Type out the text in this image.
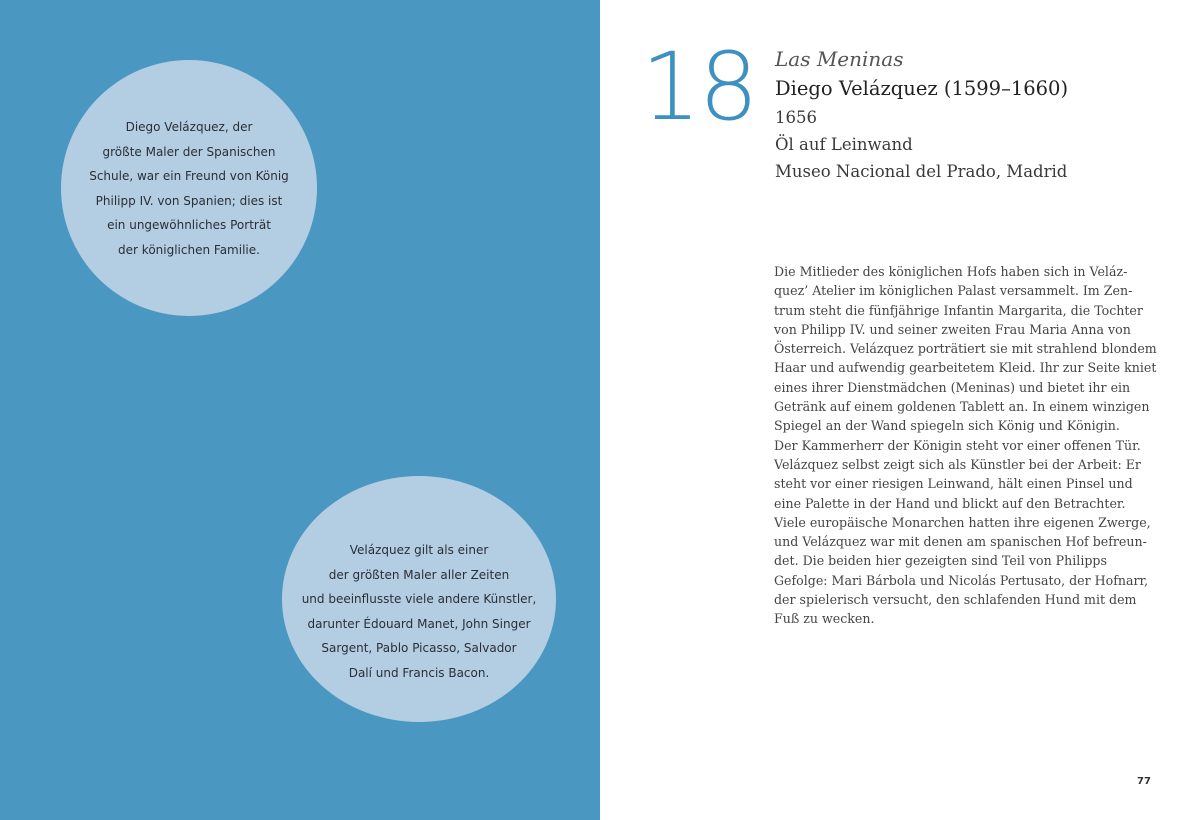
Diego Velázquez, der
größte Maler der Spanischen
Schule, war ein Freund von König
Philipp IV. von Spanien; dies ist
ein ungewöhnliches Porträt
der königlichen Familie.

Velázquez gilt als einer
der größten Maler aller Zeiten
und beeinflusste viele andere Künstler,
darunter Édouard Manet, John Singer
Sargent, Pablo Picasso, Salvador
Dalí und Francis Bacon.

18 Las Meninas
Diego Velázquez (1599–1660)
1656
Öl auf Leinwand
Museo Nacional del Prado, Madrid

Die Mitlieder des königlichen Hofs haben sich in Veláz-
quez’ Atelier im königlichen Palast versammelt. Im Zen-
trum steht die fünfjährige Infantin Margarita, die Tochter
von Philipp IV. und seiner zweiten Frau Maria Anna von
Österreich. Velázquez porträtiert sie mit strahlend blondem
Haar und aufwendig gearbeitetem Kleid. Ihr zur Seite kniet
eines ihrer Dienstmädchen (Meninas) und bietet ihr ein
Getränk auf einem goldenen Tablett an. In einem winzigen
Spiegel an der Wand spiegeln sich König und Königin.
Der Kammerherr der Königin steht vor einer offenen Tür.
Velázquez selbst zeigt sich als Künstler bei der Arbeit: Er
steht vor einer riesigen Leinwand, hält einen Pinsel und
eine Palette in der Hand und blickt auf den Betrachter.
Viele europäische Monarchen hatten ihre eigenen Zwerge,
und Velázquez war mit denen am spanischen Hof befreun-
det. Die beiden hier gezeigten sind Teil von Philipps
Gefolge: Mari Bárbola und Nicolás Pertusato, der Hofnarr,
der spielerisch versucht, den schlafenden Hund mit dem
Fuß zu wecken.

77
